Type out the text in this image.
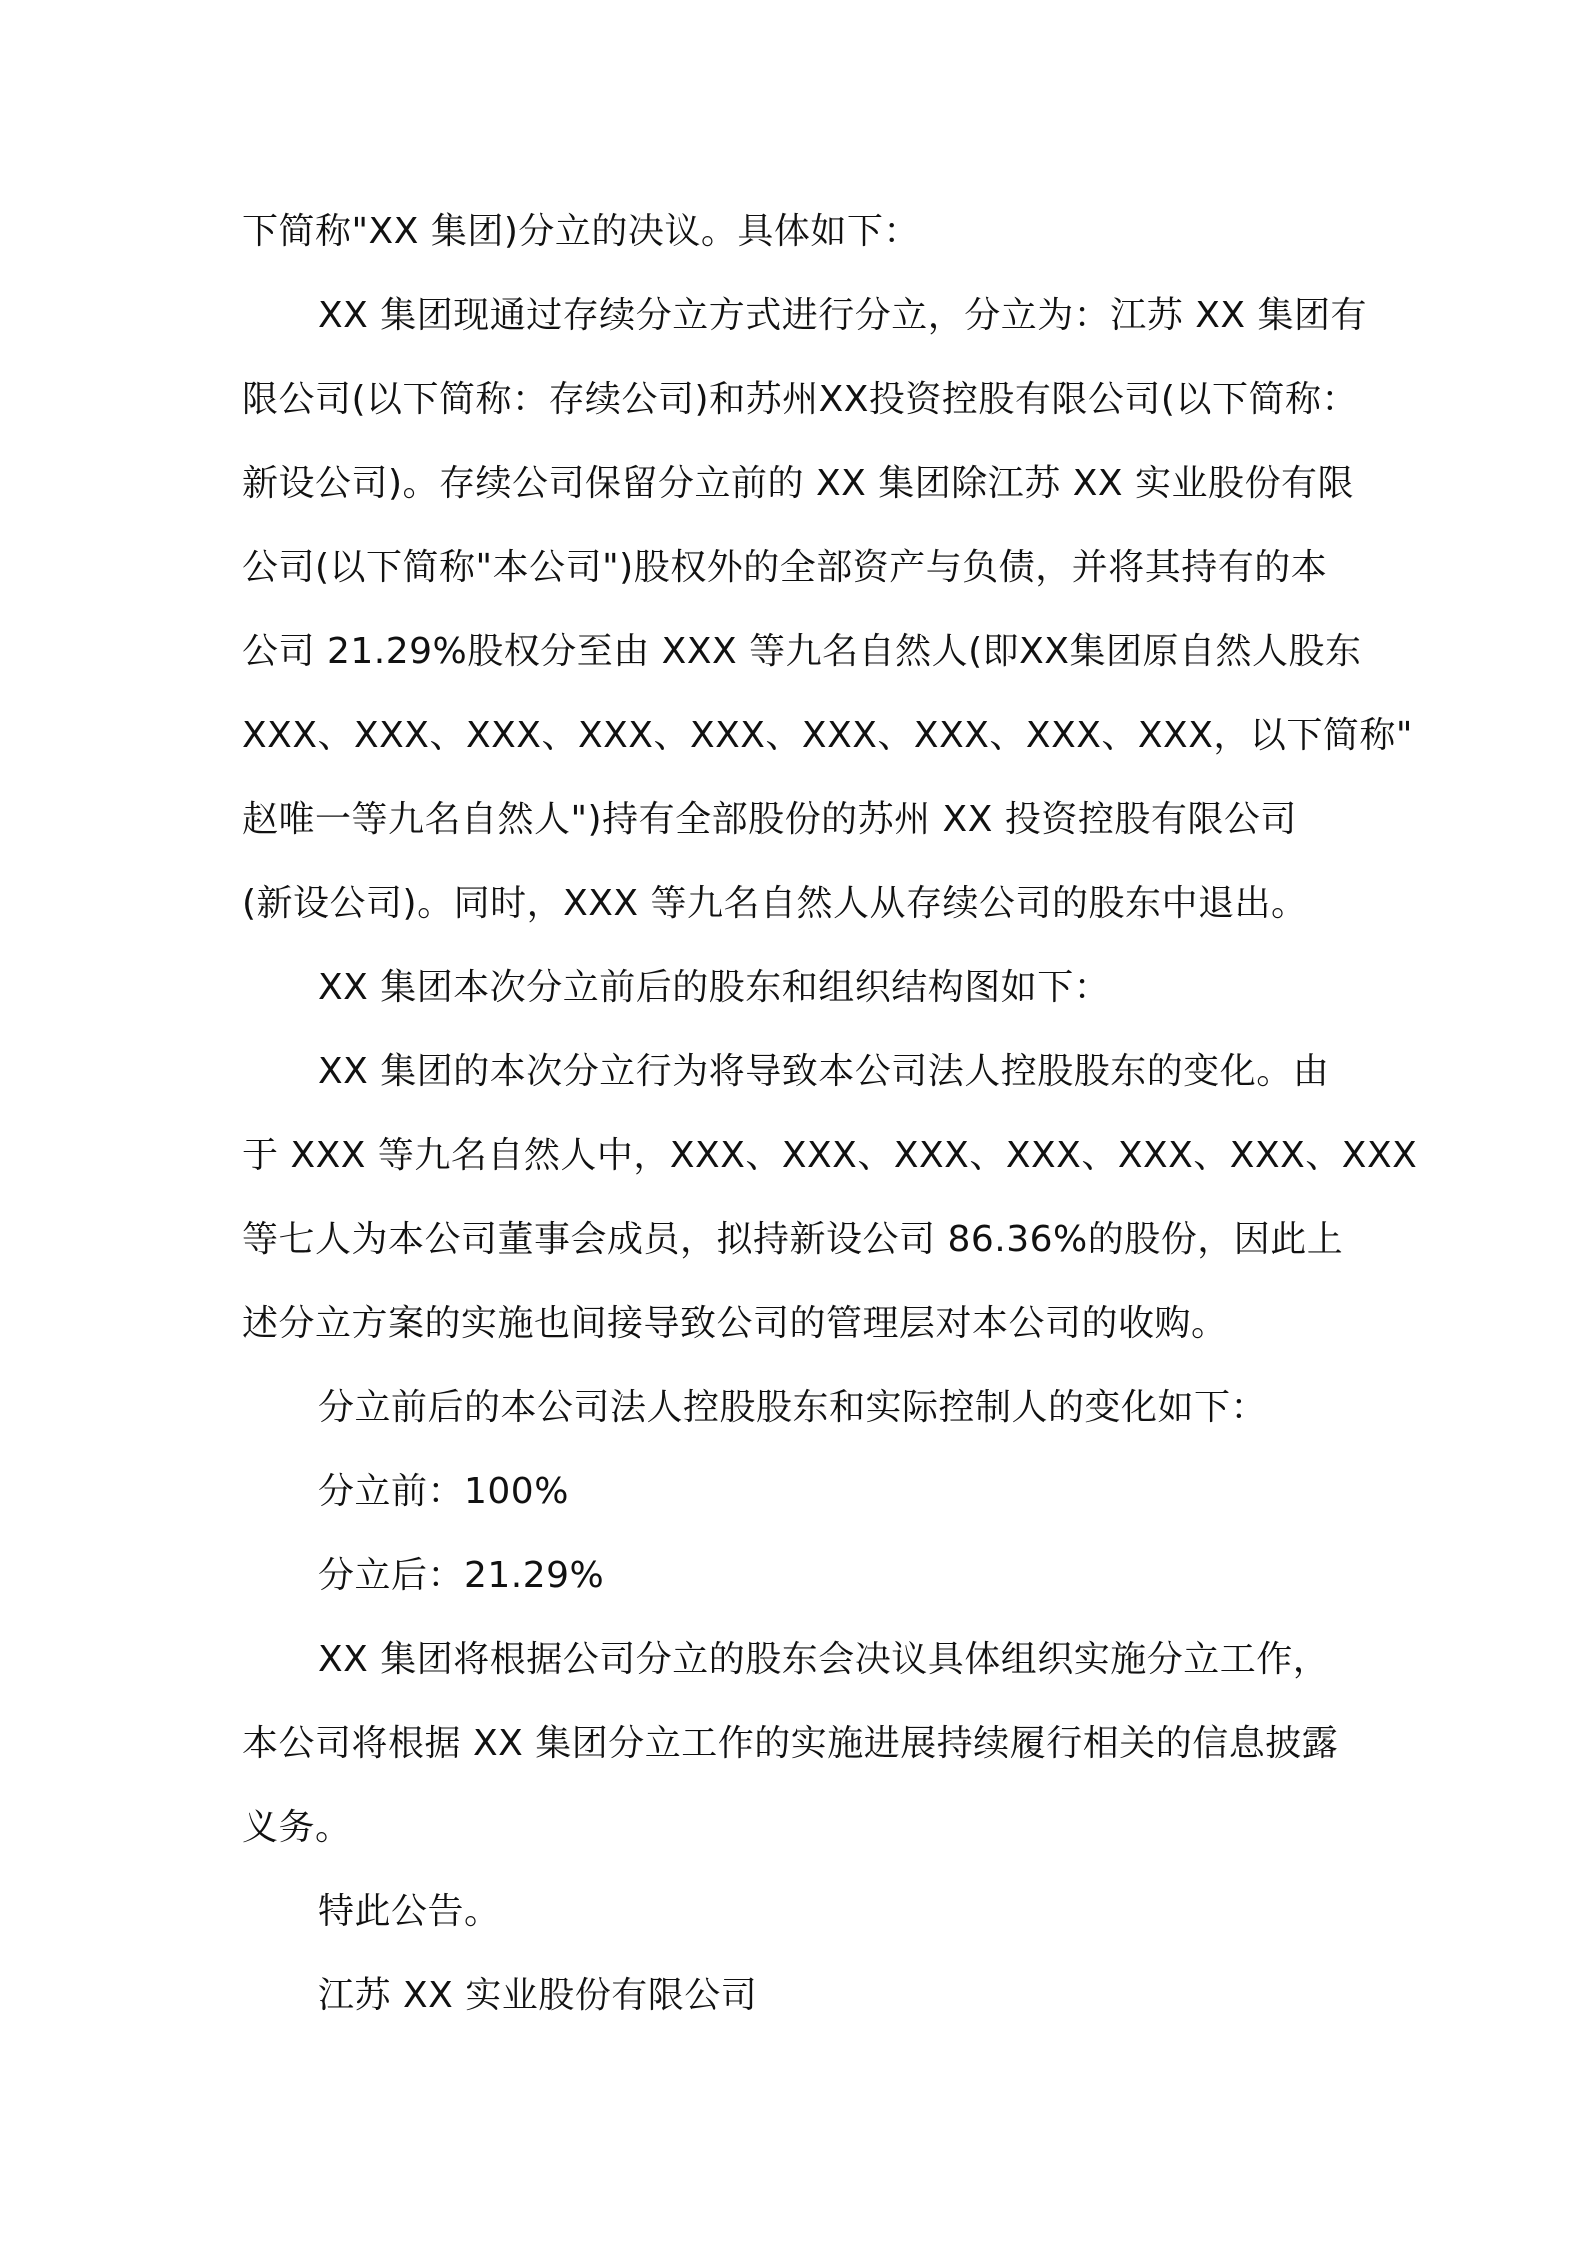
下简称"XX 集团)分立的决议。具体如下：
XX 集团现通过存续分立方式进行分立，分立为：江苏 XX 集团有
限公司(以下简称：存续公司)和苏州XX投资控股有限公司(以下简称：
新设公司)。存续公司保留分立前的 XX 集团除江苏 XX 实业股份有限
公司(以下简称"本公司")股权外的全部资产与负债，并将其持有的本
公司 21.29%股权分至由 XXX 等九名自然人(即XX集团原自然人股东
XXX、XXX、XXX、XXX、XXX、XXX、XXX、XXX、XXX，以下简称"
赵唯一等九名自然人")持有全部股份的苏州 XX 投资控股有限公司
(新设公司)。同时，XXX 等九名自然人从存续公司的股东中退出。
XX 集团本次分立前后的股东和组织结构图如下：
XX 集团的本次分立行为将导致本公司法人控股股东的变化。由
于 XXX 等九名自然人中，XXX、XXX、XXX、XXX、XXX、XXX、XXX
等七人为本公司董事会成员，拟持新设公司 86.36%的股份，因此上
述分立方案的实施也间接导致公司的管理层对本公司的收购。
分立前后的本公司法人控股股东和实际控制人的变化如下：
分立前：100%
分立后：21.29%
XX 集团将根据公司分立的股东会决议具体组织实施分立工作，
本公司将根据 XX 集团分立工作的实施进展持续履行相关的信息披露
义务。
特此公告。
江苏 XX 实业股份有限公司
